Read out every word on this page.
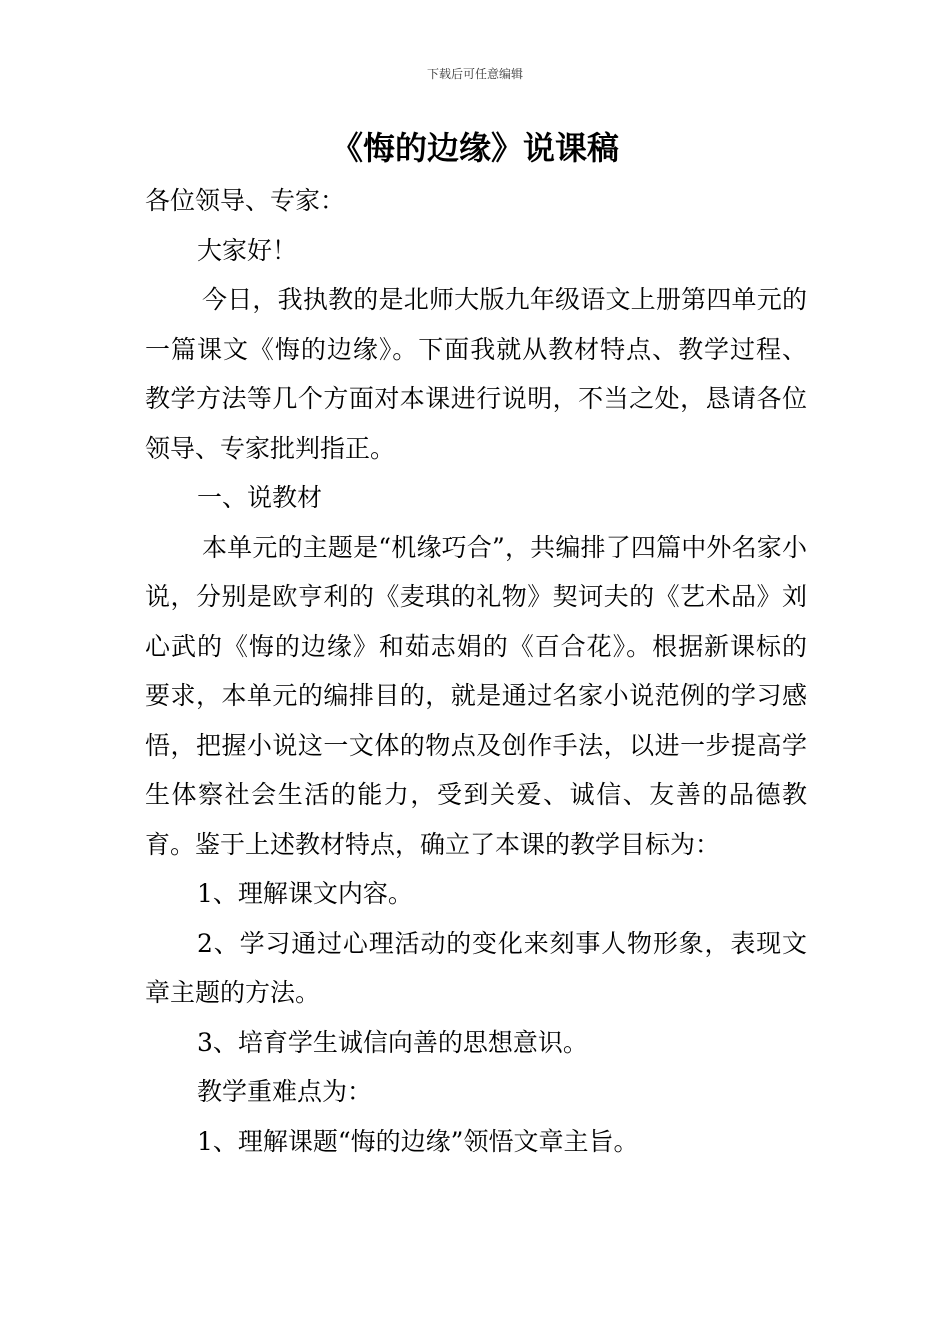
下载后可任意编辑
《悔的边缘》说课稿

各位领导、专家：

大家好！

今日，我执教的是北师大版九年级语文上册第四单元的一篇课文《悔的边缘》。下面我就从教材特点、教学过程、教学方法等几个方面对本课进行说明，不当之处，恳请各位领导、专家批判指正。

一、说教材

本单元的主题是“机缘巧合”，共编排了四篇中外名家小说，分别是欧亨利的《麦琪的礼物》契诃夫的《艺术品》刘心武的《悔的边缘》和茹志娟的《百合花》。根据新课标的要求，本单元的编排目的，就是通过名家小说范例的学习感悟，把握小说这一文体的物点及创作手法，以进一步提高学生体察社会生活的能力，受到关爱、诚信、友善的品德教育。鉴于上述教材特点，确立了本课的教学目标为：

1、理解课文内容。

2、学习通过心理活动的变化来刻事人物形象，表现文章主题的方法。

3、培育学生诚信向善的思想意识。

教学重难点为：

1、理解课题“悔的边缘”领悟文章主旨。
